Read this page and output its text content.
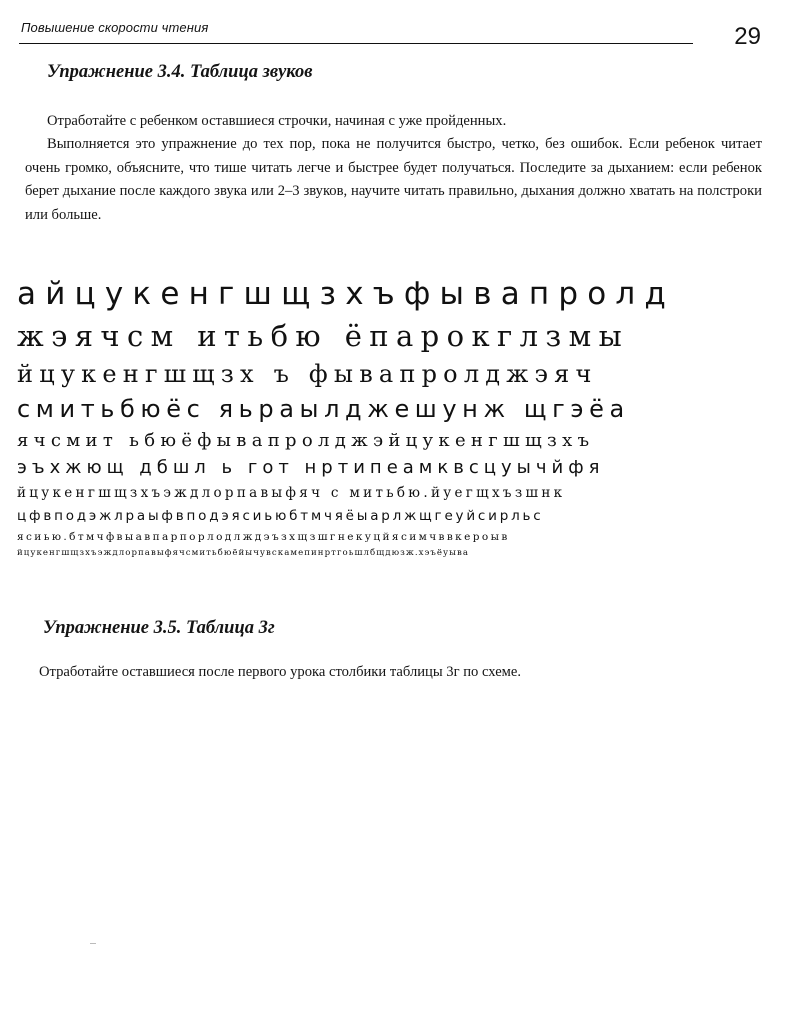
Повышение скорости чтения	29
Упражнение 3.4. Таблица звуков

Отработайте с ребенком оставшиеся строчки, начиная с уже пройденных.

Выполняется это упражнение до тех пор, пока не получится быстро, четко, без ошибок. Если ребенок читает очень громко, объясните, что тише читать легче и быстрее будет получаться. Последите за дыханием: если ребенок берет дыхание после каждого звука или 2–3 звуков, научите читать правильно, дыхания должно хватать на полстроки или больше.

айцукенгшщзхъфывапролд
жэячсм итьбю ёпарокглзмы
йцукенгшщзх ъ фывапролджэяч
смитьбюёс яьраылджешунж щгэёа
ячсмит ьбюёфывапролджэйцукенгшщзхъ
эъхжющ дбшл ь гот нртипеамквсцуычйфя
йцукенгшщзхъэждлорпавыфяч с митьбю.йуегщхъзшнк
цфвподэжлраыфвподэясиьюбтмчяёыарлжщгеуйсирльс
ясиью.бтмчфвыавпарпорлодлждэъзхщзшгнекуцйясимчввкероыв
йцукенгшщзхъэждлорпавыфячсмитьбюёйычувскамепинртгоьшлбщдюзж.хэъёуыва
Упражнение 3.5. Таблица 3г

Отработайте оставшиеся после первого урока столбики таблицы 3г по схеме.
